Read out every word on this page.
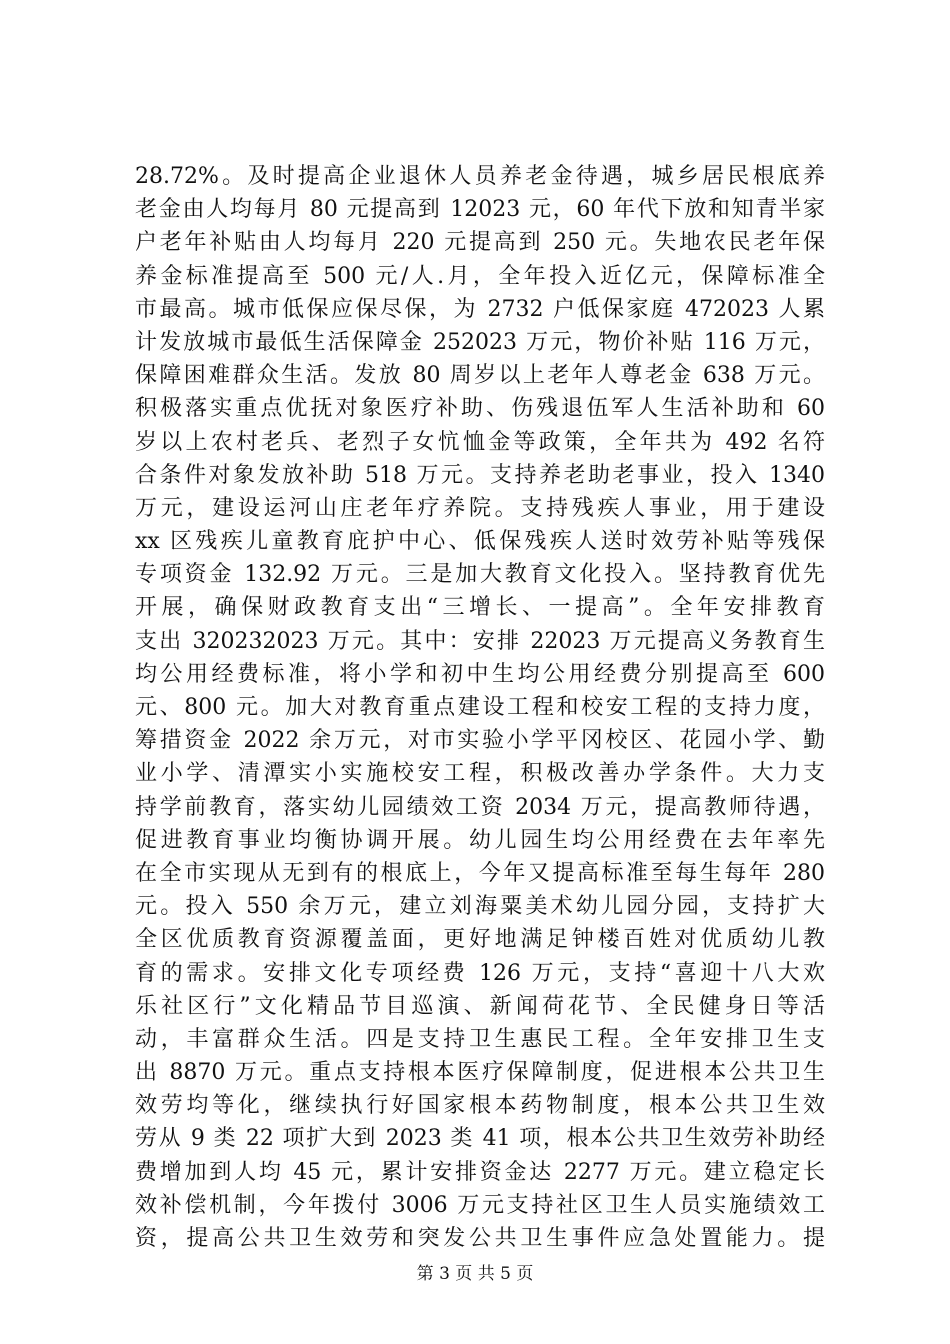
28.72%。及时提高企业退休人员养老金待遇，城乡居民根底养
老金由人均每月 80 元提高到 12023 元，60 年代下放和知青半家
户老年补贴由人均每月 220 元提高到 250 元。失地农民老年保
养金标准提高至 500 元/人.月，全年投入近亿元，保障标准全
市最高。城市低保应保尽保，为 2732 户低保家庭 472023 人累
计发放城市最低生活保障金 252023 万元，物价补贴 116 万元，
保障困难群众生活。发放 80 周岁以上老年人尊老金 638 万元。
积极落实重点优抚对象医疗补助、伤残退伍军人生活补助和 60
岁以上农村老兵、老烈子女忼恤金等政策，全年共为 492 名符
合条件对象发放补助 518 万元。支持养老助老事业，投入 1340
万元，建设运河山庄老年疗养院。支持残疾人事业，用于建设
xx 区残疾儿童教育庇护中心、低保残疾人送时效劳补贴等残保
专项资金 132.92 万元。三是加大教育文化投入。坚持教育优先
开展，确保财政教育支出“三增长、一提高”。全年安排教育
支出 320232023 万元。其中：安排 22023 万元提高义务教育生
均公用经费标准，将小学和初中生均公用经费分别提高至 600
元、800 元。加大对教育重点建设工程和校安工程的支持力度，
筹措资金 2022 余万元，对市实验小学平冈校区、花园小学、勤
业小学、清潭实小实施校安工程，积极改善办学条件。大力支
持学前教育，落实幼儿园绩效工资 2034 万元，提高教师待遇，
促进教育事业均衡协调开展。幼儿园生均公用经费在去年率先
在全市实现从无到有的根底上，今年又提高标准至每生每年 280
元。投入 550 余万元，建立刘海粟美术幼儿园分园，支持扩大
全区优质教育资源覆盖面，更好地满足钟楼百姓对优质幼儿教
育的需求。安排文化专项经费 126 万元，支持“喜迎十八大欢
乐社区行”文化精品节目巡演、新闻荷花节、全民健身日等活
动，丰富群众生活。四是支持卫生惠民工程。全年安排卫生支
出 8870 万元。重点支持根本医疗保障制度，促进根本公共卫生
效劳均等化，继续执行好国家根本药物制度，根本公共卫生效
劳从 9 类 22 项扩大到 2023 类 41 项，根本公共卫生效劳补助经
费增加到人均 45 元，累计安排资金达 2277 万元。建立稳定长
效补偿机制，今年拨付 3006 万元支持社区卫生人员实施绩效工
资，提高公共卫生效劳和突发公共卫生事件应急处置能力。提
第 3 页 共 5 页
